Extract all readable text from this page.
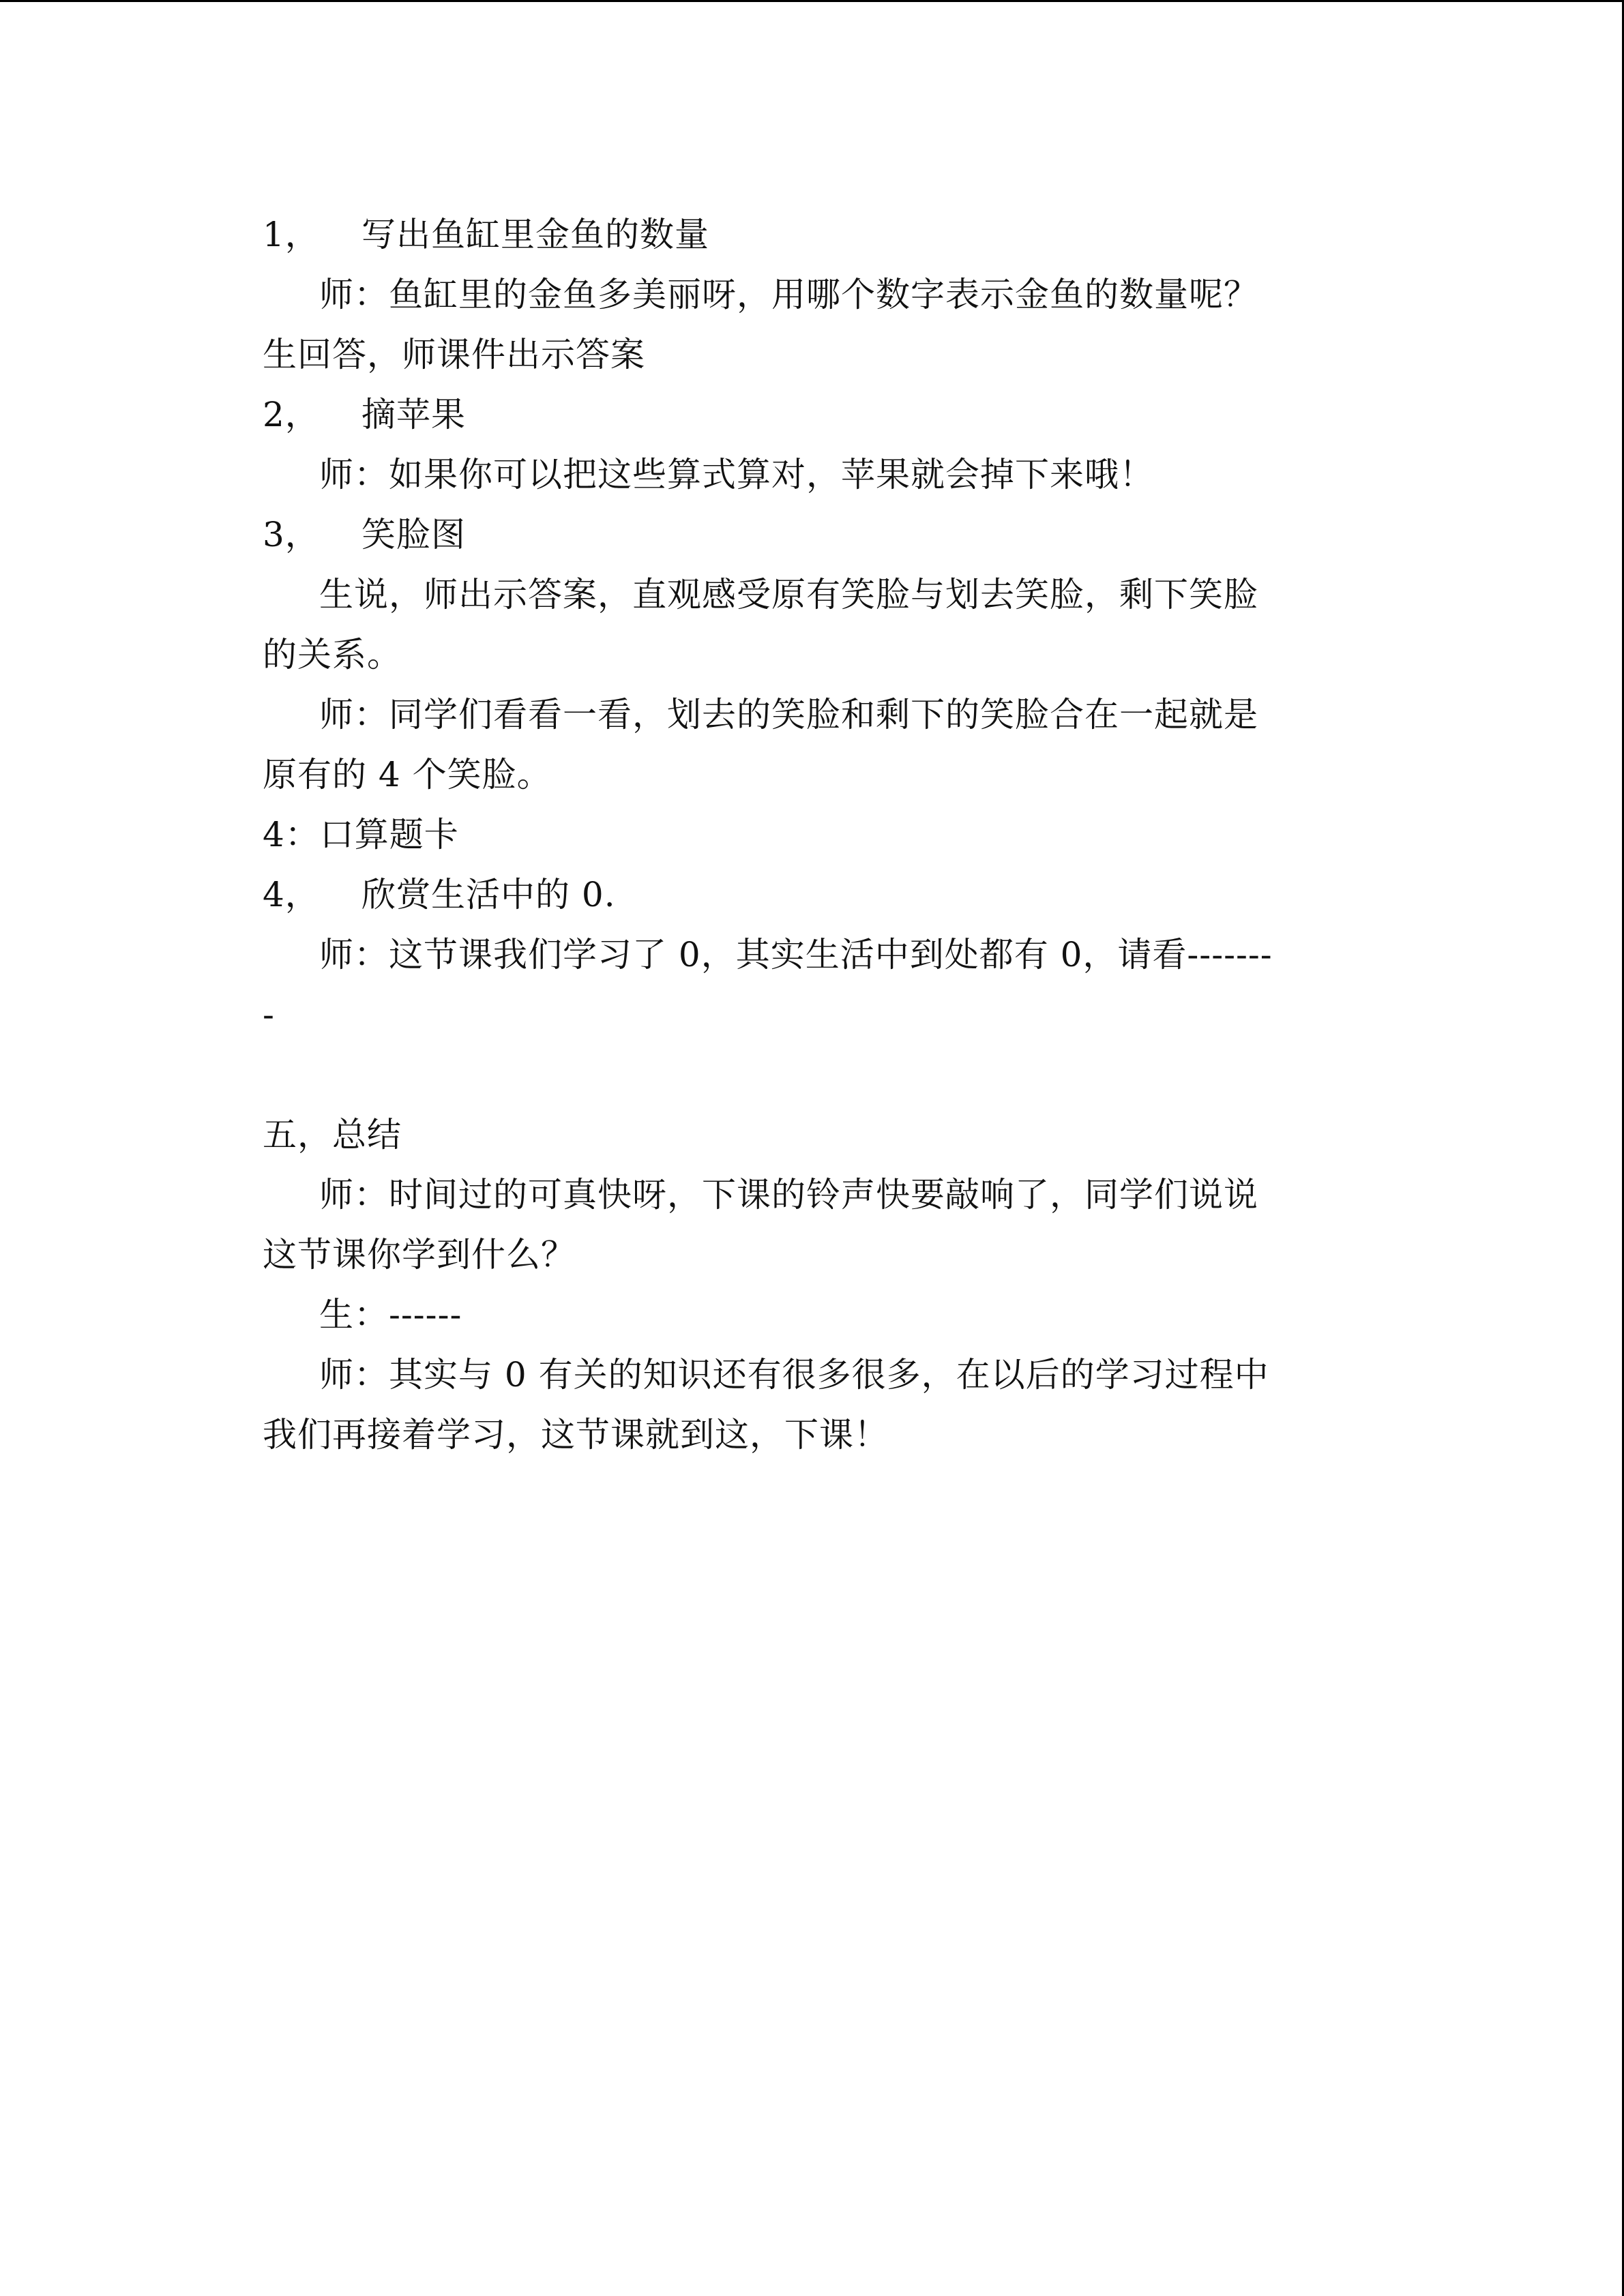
1， 写出鱼缸里金鱼的数量
师：鱼缸里的金鱼多美丽呀，用哪个数字表示金鱼的数量呢？
生回答，师课件出示答案
2， 摘苹果
师：如果你可以把这些算式算对，苹果就会掉下来哦！
3， 笑脸图
生说，师出示答案，直观感受原有笑脸与划去笑脸，剩下笑脸
的关系。
师：同学们看看一看，划去的笑脸和剩下的笑脸合在一起就是
原有的 4 个笑脸。
4：口算题卡
4， 欣赏生活中的 0.
师：这节课我们学习了 0，其实生活中到处都有 0，请看-------
-
五，总结
师：时间过的可真快呀，下课的铃声快要敲响了，同学们说说
这节课你学到什么？
生：------
师：其实与 0 有关的知识还有很多很多，在以后的学习过程中
我们再接着学习，这节课就到这，下课！
